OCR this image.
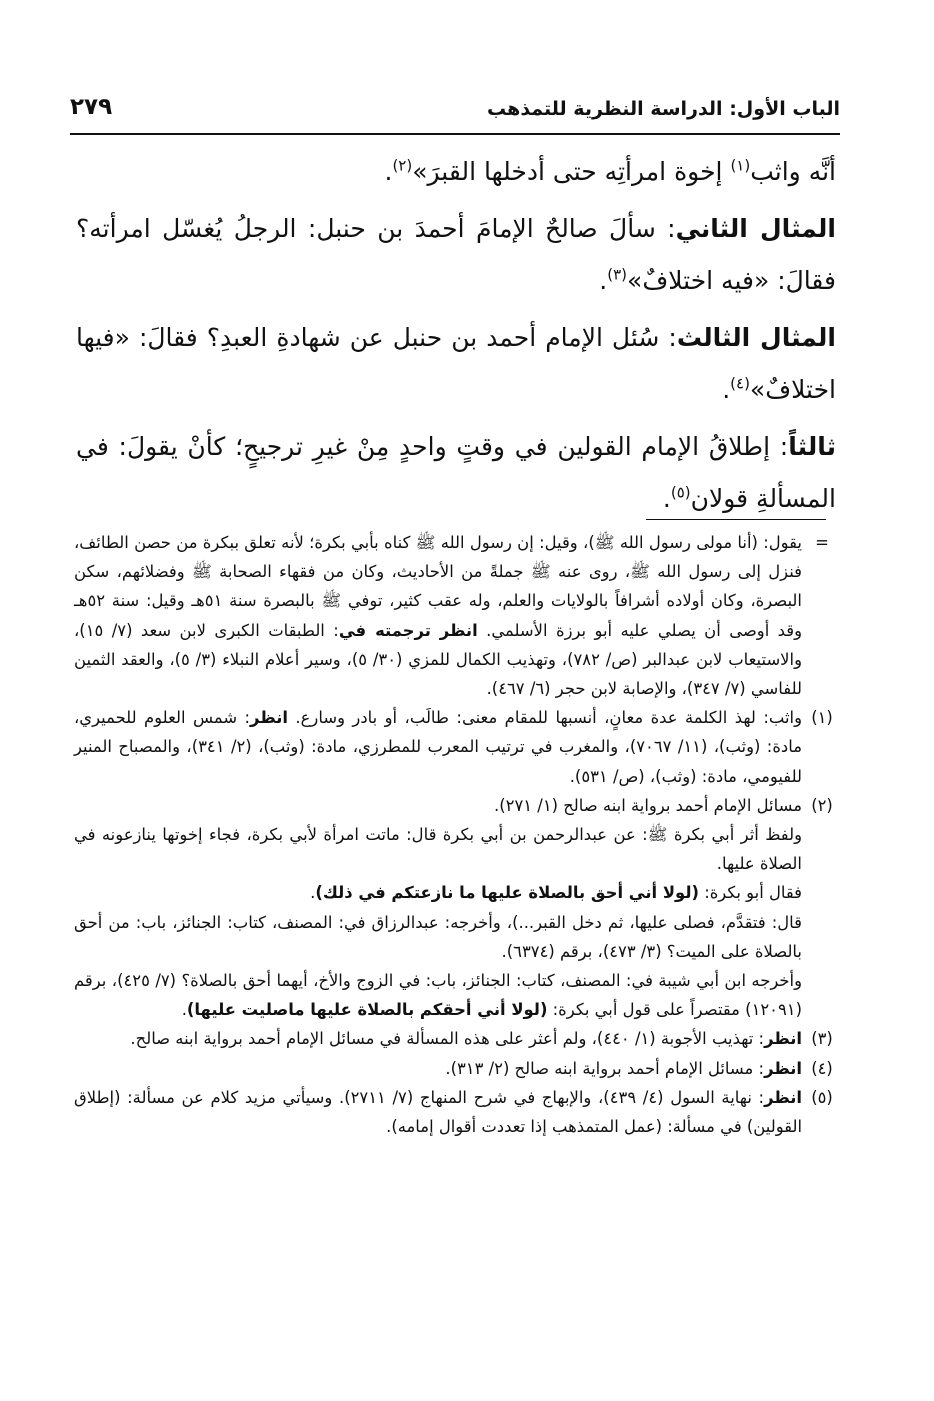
الباب الأول: الدراسة النظرية للتمذهب
٢٧٩

أنَّه واثب$^{(١)}$ إخوة امرأتِه حتى أدخلها القبرَ»$^{(٢)}$.

المثال الثاني: سألَ صالحٌ الإمامَ أحمدَ بن حنبل: الرجلُ يُغسّل امرأته؟ فقالَ: «فيه اختلافٌ»$^{(٣)}$.

المثال الثالث: سُئل الإمام أحمد بن حنبل عن شهادةِ العبدِ؟ فقالَ: «فيها اختلافٌ»$^{(٤)}$.

ثالثاً: إطلاقُ الإمام القولين في وقتٍ واحدٍ مِنْ غيرِ ترجيحٍ؛ كأنْ يقولَ: في المسألةِ قولان$^{(٥)}$.

=
يقول: (أنا مولى رسول الله ﷺ)، وقيل: إن رسول الله ﷺ كناه بأبي بكرة؛ لأنه تعلق ببكرة من حصن الطائف، فنزل إلى رسول الله ﷺ، روى عنه ﷺ جملةً من الأحاديث، وكان من فقهاء الصحابة ﷺ وفضلائهم، سكن البصرة، وكان أولاده أشرافاً بالولايات والعلم، وله عقب كثير، توفي ﷺ بالبصرة سنة ٥١هـ وقيل: سنة ٥٢هـ وقد أوصى أن يصلي عليه أبو برزة الأسلمي. انظر ترجمته في: الطبقات الكبرى لابن سعد (٧/ ١٥)، والاستيعاب لابن عبدالبر (ص/ ٧٨٢)، وتهذيب الكمال للمزي (٣٠/ ٥)، وسير أعلام النبلاء (٣/ ٥)، والعقد الثمين للفاسي (٧/ ٣٤٧)، والإصابة لابن حجر (٦/ ٤٦٧).
(١)
واثب: لهذ الكلمة عدة معانٍ، أنسبها للمقام معنى: طالَب، أو بادر وسارع. انظر: شمس العلوم للحميري، مادة: (وثب)، (١١/ ٧٠٦٧)، والمغرب في ترتيب المعرب للمطرزي، مادة: (وثب)، (٢/ ٣٤١)، والمصباح المنير للفيومي، مادة: (وثب)، (ص/ ٥٣١).
(٢)

مسائل الإمام أحمد برواية ابنه صالح (١/ ٢٧١).

ولفظ أثر أبي بكرة ﷺ: عن عبدالرحمن بن أبي بكرة قال: ماتت امرأة لأبي بكرة، فجاء إخوتها ينازعونه في الصلاة عليها.

فقال أبو بكرة: (لولا أني أحق بالصلاة عليها ما نازعتكم في ذلك).

قال: فتقدَّم، فصلى عليها، ثم دخل القبر...)، وأخرجه: عبدالرزاق في: المصنف، كتاب: الجنائز، باب: من أحق بالصلاة على الميت؟ (٣/ ٤٧٣)، برقم (٦٣٧٤).

وأخرجه ابن أبي شيبة في: المصنف، كتاب: الجنائز، باب: في الزوج والأخ، أيهما أحق بالصلاة؟ (٧/ ٤٢٥)، برقم (١٢٠٩١) مقتصراً على قول أبي بكرة: (لولا أني أحقكم بالصلاة عليها ماصليت عليها).

(٣)
انظر: تهذيب الأجوبة (١/ ٤٤٠)، ولم أعثر على هذه المسألة في مسائل الإمام أحمد برواية ابنه صالح.
(٤)
انظر: مسائل الإمام أحمد برواية ابنه صالح (٢/ ٣١٣).
(٥)
انظر: نهاية السول (٤/ ٤٣٩)، والإبهاج في شرح المنهاج (٧/ ٢٧١١). وسيأتي مزيد كلام عن مسألة: (إطلاق القولين) في مسألة: (عمل المتمذهب إذا تعددت أقوال إمامه).
